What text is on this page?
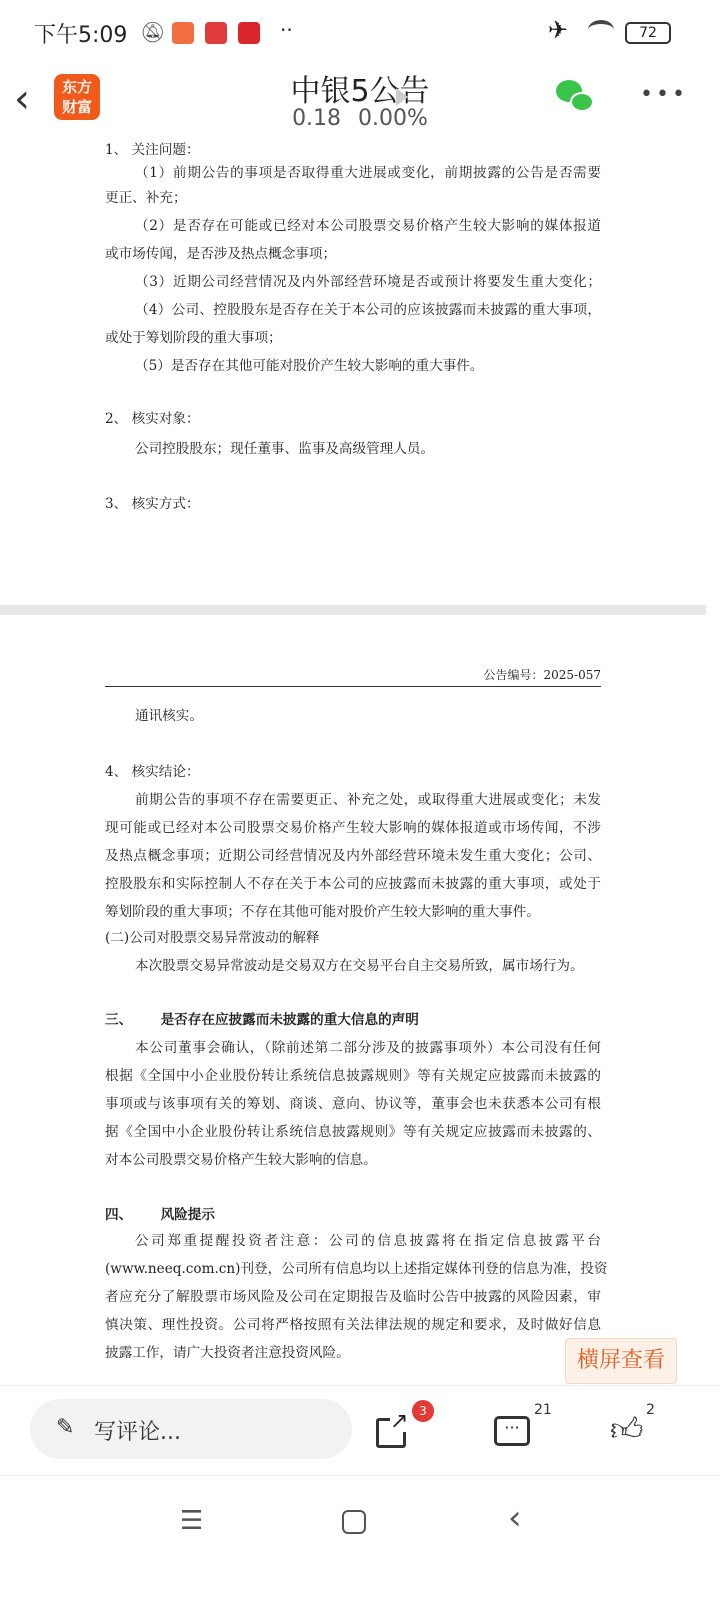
下午5:09 🔕︎	··	✈	72
‹	东方财富	中银5公告
0.18 0.00%
•••
1、 关注问题：
（1）前期公告的事项是否取得重大进展或变化，前期披露的公告是否需要
更正、补充；
（2）是否存在可能或已经对本公司股票交易价格产生较大影响的媒体报道
或市场传闻，是否涉及热点概念事项；
（3）近期公司经营情况及内外部经营环境是否或预计将要发生重大变化；
（4）公司、控股股东是否存在关于本公司的应该披露而未披露的重大事项，
或处于筹划阶段的重大事项；
（5）是否存在其他可能对股价产生较大影响的重大事件。
2、 核实对象：
公司控股股东；现任董事、监事及高级管理人员。
3、 核实方式：
公告编号：2025-057
通讯核实。
4、 核实结论：
前期公告的事项不存在需要更正、补充之处，或取得重大进展或变化；未发
现可能或已经对本公司股票交易价格产生较大影响的媒体报道或市场传闻，不涉
及热点概念事项；近期公司经营情况及内外部经营环境未发生重大变化；公司、
控股股东和实际控制人不存在关于本公司的应披露而未披露的重大事项，或处于
筹划阶段的重大事项；不存在其他可能对股价产生较大影响的重大事件。
(二)公司对股票交易异常波动的解释
本次股票交易异常波动是交易双方在交易平台自主交易所致，属市场行为。
三、      是否存在应披露而未披露的重大信息的声明
本公司董事会确认，（除前述第二部分涉及的披露事项外）本公司没有任何
根据《全国中小企业股份转让系统信息披露规则》等有关规定应披露而未披露的
事项或与该事项有关的筹划、商谈、意向、协议等，董事会也未获悉本公司有根
据《全国中小企业股份转让系统信息披露规则》等有关规定应披露而未披露的、
对本公司股票交易价格产生较大影响的信息。
四、      风险提示
公司郑重提醒投资者注意：公司的信息披露将在指定信息披露平台
(www.neeq.com.cn)刊登，公司所有信息均以上述指定媒体刊登的信息为准，投资
者应充分了解股票市场风险及公司在定期报告及临时公告中披露的风险因素，审
慎决策、理性投资。公司将严格按照有关法律法规的规定和要求，及时做好信息
披露工作，请广大投资者注意投资风险。	横屏查看
✎ 写评论...	↗ 3
···
21 👍︎ 2
☰	‹
